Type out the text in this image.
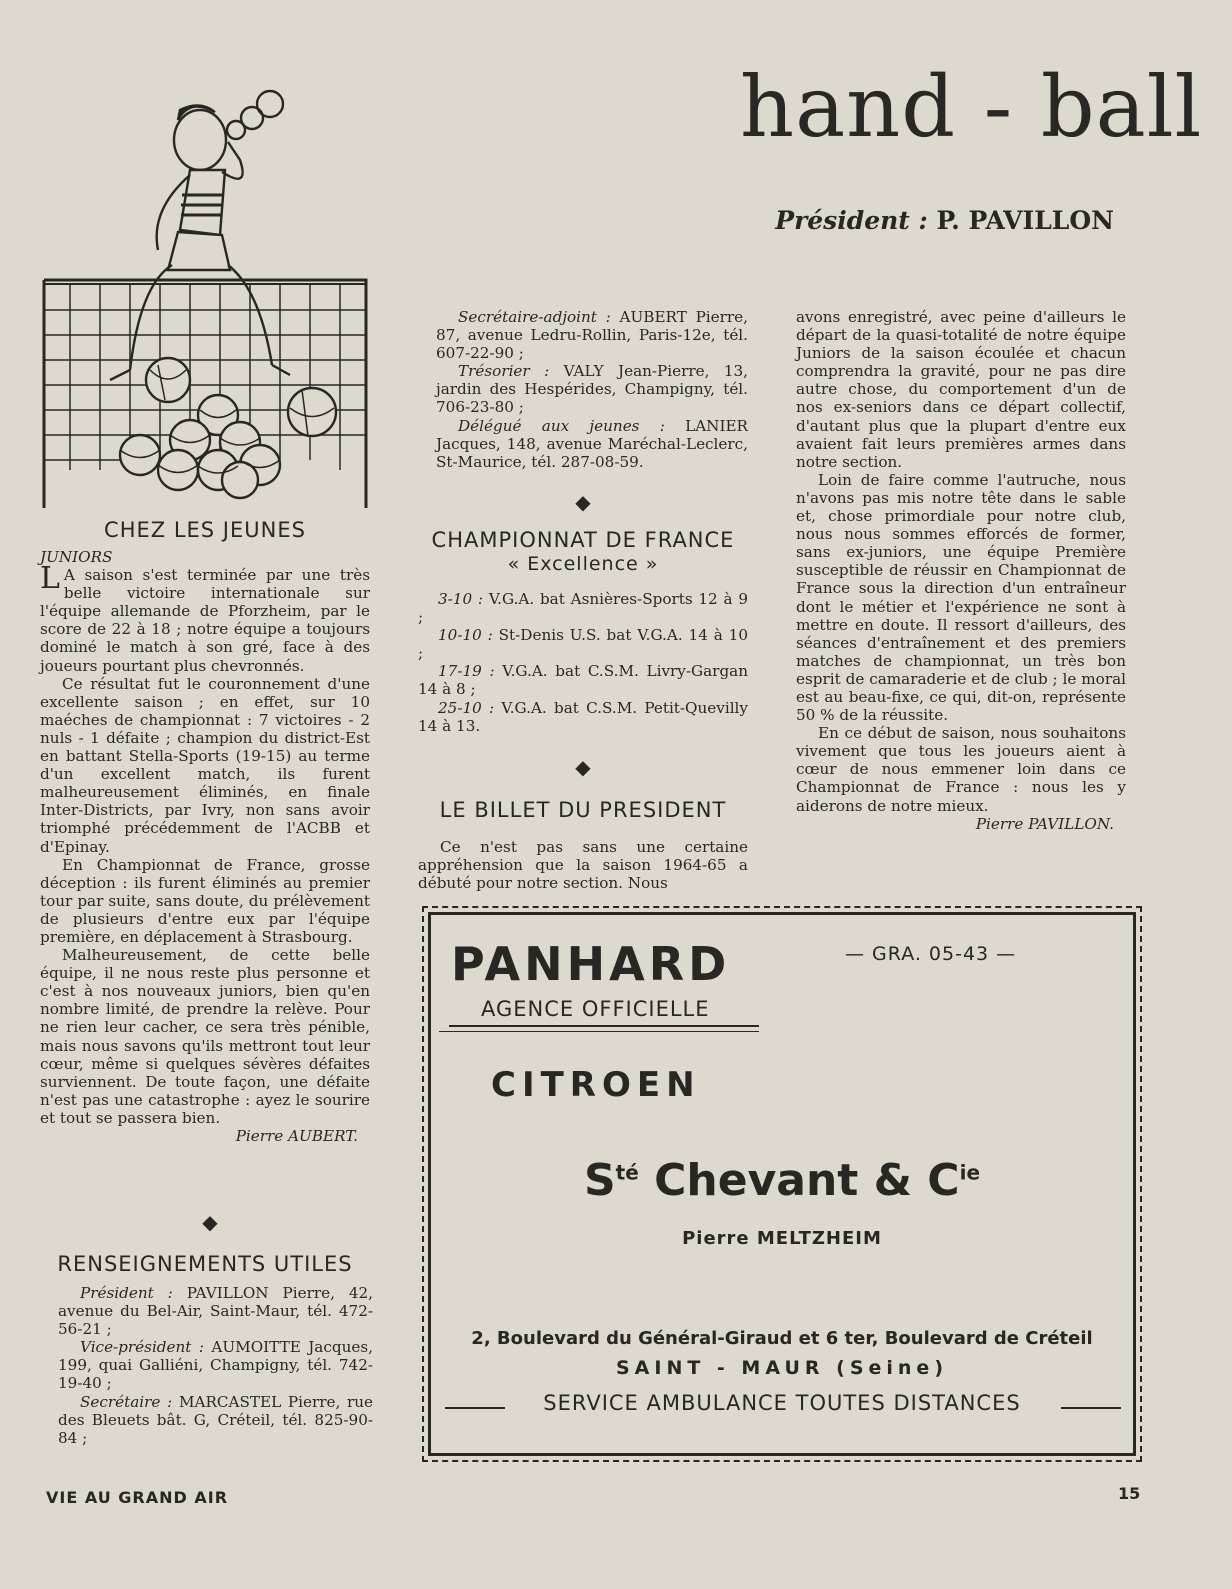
hand - ball
Président : P. PAVILLON
CHEZ LES JEUNES

JUNIORS

L A saison s'est terminée par une très belle victoire internationale sur l'équipe allemande de Pforzheim, par le score de 22 à 18 ; notre équipe a toujours dominé le match à son gré, face à des joueurs pourtant plus chevronnés.

Ce résultat fut le couronnement d'une excellente saison ; en effet, sur 10 maéches de championnat : 7 victoires - 2 nuls - 1 défaite ; champion du district-Est en battant Stella-Sports (19-15) au terme d'un excellent match, ils furent malheureusement éliminés, en finale Inter-Districts, par Ivry, non sans avoir triomphé précédemment de l'ACBB et d'Epinay.

En Championnat de France, grosse déception : ils furent éliminés au premier tour par suite, sans doute, du prélèvement de plusieurs d'entre eux par l'équipe première, en déplacement à Strasbourg.

Malheureusement, de cette belle équipe, il ne nous reste plus personne et c'est à nos nouveaux juniors, bien qu'en nombre limité, de prendre la relève. Pour ne rien leur cacher, ce sera très pénible, mais nous savons qu'ils mettront tout leur cœur, même si quelques sévères défaites surviennent. De toute façon, une défaite n'est pas une catastrophe : ayez le sourire et tout se passera bien.

Pierre AUBERT.

◆
RENSEIGNEMENTS UTILES

Président : PAVILLON Pierre, 42, avenue du Bel-Air, Saint-Maur, tél. 472-56-21 ;

Vice-président : AUMOITTE Jacques, 199, quai Galliéni, Champigny, tél. 742-19-40 ;

Secrétaire : MARCASTEL Pierre, rue des Bleuets bât. G, Créteil, tél. 825-90-84 ;

Secrétaire-adjoint : AUBERT Pierre, 87, avenue Ledru-Rollin, Paris-12e, tél. 607-22-90 ;

Trésorier : VALY Jean-Pierre, 13, jardin des Hespérides, Champigny, tél. 706-23-80 ;

Délégué aux jeunes : LANIER Jacques, 148, avenue Maréchal-Leclerc, St-Maurice, tél. 287-08-59.

◆
CHAMPIONNAT DE FRANCE
« Excellence »

3-10 : V.G.A. bat Asnières-Sports 12 à 9 ;

10-10 : St-Denis U.S. bat V.G.A. 14 à 10 ;

17-19 : V.G.A. bat C.S.M. Livry-Gargan 14 à 8 ;

25-10 : V.G.A. bat C.S.M. Petit-Quevilly 14 à 13.

◆
LE BILLET DU PRESIDENT

Ce n'est pas sans une certaine appréhension que la saison 1964-65 a débuté pour notre section. Nous

avons enregistré, avec peine d'ailleurs le départ de la quasi-totalité de notre équipe Juniors de la saison écoulée et chacun comprendra la gravité, pour ne pas dire autre chose, du comportement d'un de nos ex-seniors dans ce départ collectif, d'autant plus que la plupart d'entre eux avaient fait leurs premières armes dans notre section.

Loin de faire comme l'autruche, nous n'avons pas mis notre tête dans le sable et, chose primordiale pour notre club, nous nous sommes efforcés de former, sans ex-juniors, une équipe Première susceptible de réussir en Championnat de France sous la direction d'un entraîneur dont le métier et l'expérience ne sont à mettre en doute. Il ressort d'ailleurs, des séances d'entraînement et des premiers matches de championnat, un très bon esprit de camaraderie et de club ; le moral est au beau-fixe, ce qui, dit-on, représente 50 % de la réussite.

En ce début de saison, nous souhaitons vivement que tous les joueurs aient à cœur de nous emmener loin dans ce Championnat de France : nous les y aiderons de notre mieux.

Pierre PAVILLON.

PANHARD
AGENCE OFFICIELLE
— GRA. 05-43 —
CITROEN
$S^{té}$ Chevant & $C^{ie}$
Pierre MELTZHEIM
2, Boulevard du Général-Giraud et 6 ter, Boulevard de Créteil
SAINT - MAUR (Seine)
SERVICE AMBULANCE TOUTES DISTANCES
VIE AU GRAND AIR	15
